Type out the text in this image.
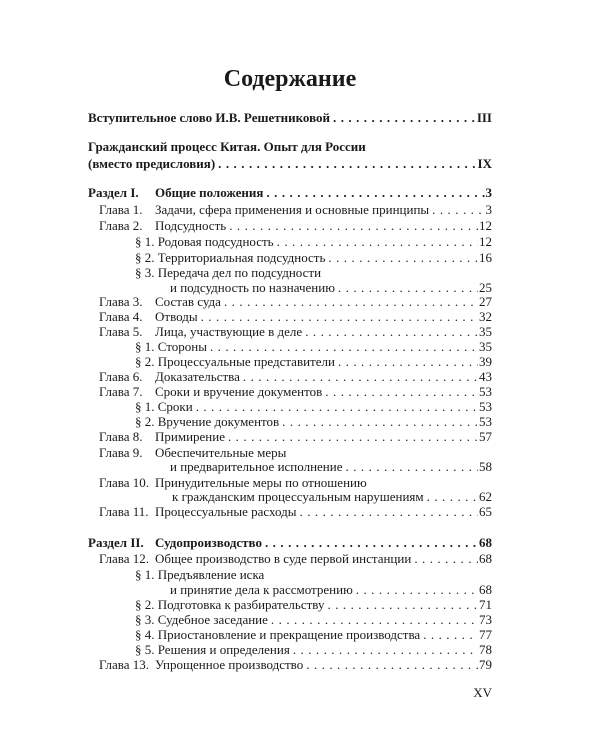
Содержание
Вступительное слово И.В. Решетниковой . . .	III
Гражданский процесс Китая. Опыт для России
(вместо предисловия) . . .	IX
Раздел I.	Общие положения . . .	3
Глава 1. Задачи, сфера применения и основные принципы . . .	3
Глава 2. Подсудность . . .	12
§ 1. Родовая подсудность . . .	12
§ 2. Территориальная подсудность . . .	16
§ 3. Передача дел по подсудности
и подсудность по назначению . . .	25
Глава 3. Состав суда . . .	27
Глава 4. Отводы . . .	32
Глава 5. Лица, участвующие в деле . . .	35
§ 1. Стороны . . .	35
§ 2. Процессуальные представители . . .	39
Глава 6. Доказательства . . .	43
Глава 7. Сроки и вручение документов . . .	53
§ 1. Сроки . . .	53
§ 2. Вручение документов . . .	53
Глава 8. Примирение . . .	57
Глава 9. Обеспечительные меры
и предварительное исполнение . . .	58
Глава 10. Принудительные меры по отношению
к гражданским процессуальным нарушениям . . .	62
Глава 11. Процессуальные расходы . . .	65
Раздел II. Судопроизводство . . .	68
Глава 12. Общее производство в суде первой инстанции . . .	68
§ 1. Предъявление иска
и принятие дела к рассмотрению . . .	68
§ 2. Подготовка к разбирательству . . .	71
§ 3. Судебное заседание . . .	73
§ 4. Приостановление и прекращение производства . . .	77
§ 5. Решения и определения . . .	78
Глава 13. Упрощенное производство . . .	79
XV
